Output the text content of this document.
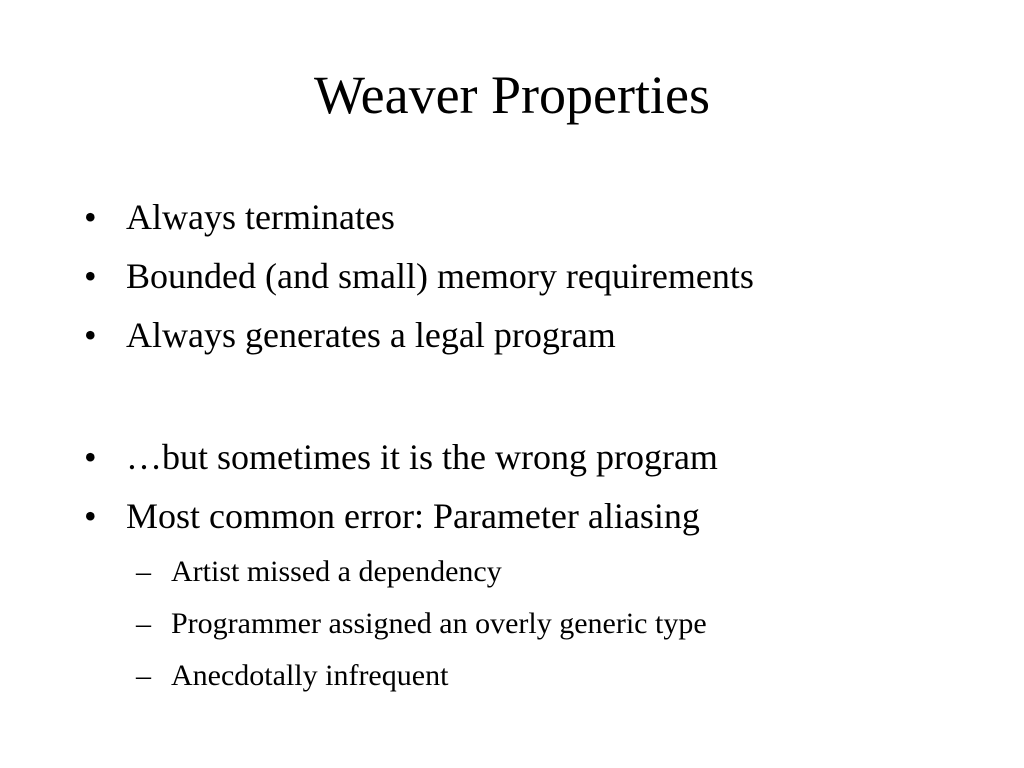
Weaver Properties
• Always terminates
• Bounded (and small) memory requirements
• Always generates a legal program
• …but sometimes it is the wrong program
• Most common error: Parameter aliasing
– Artist missed a dependency
– Programmer assigned an overly generic type
– Anecdotally infrequent
